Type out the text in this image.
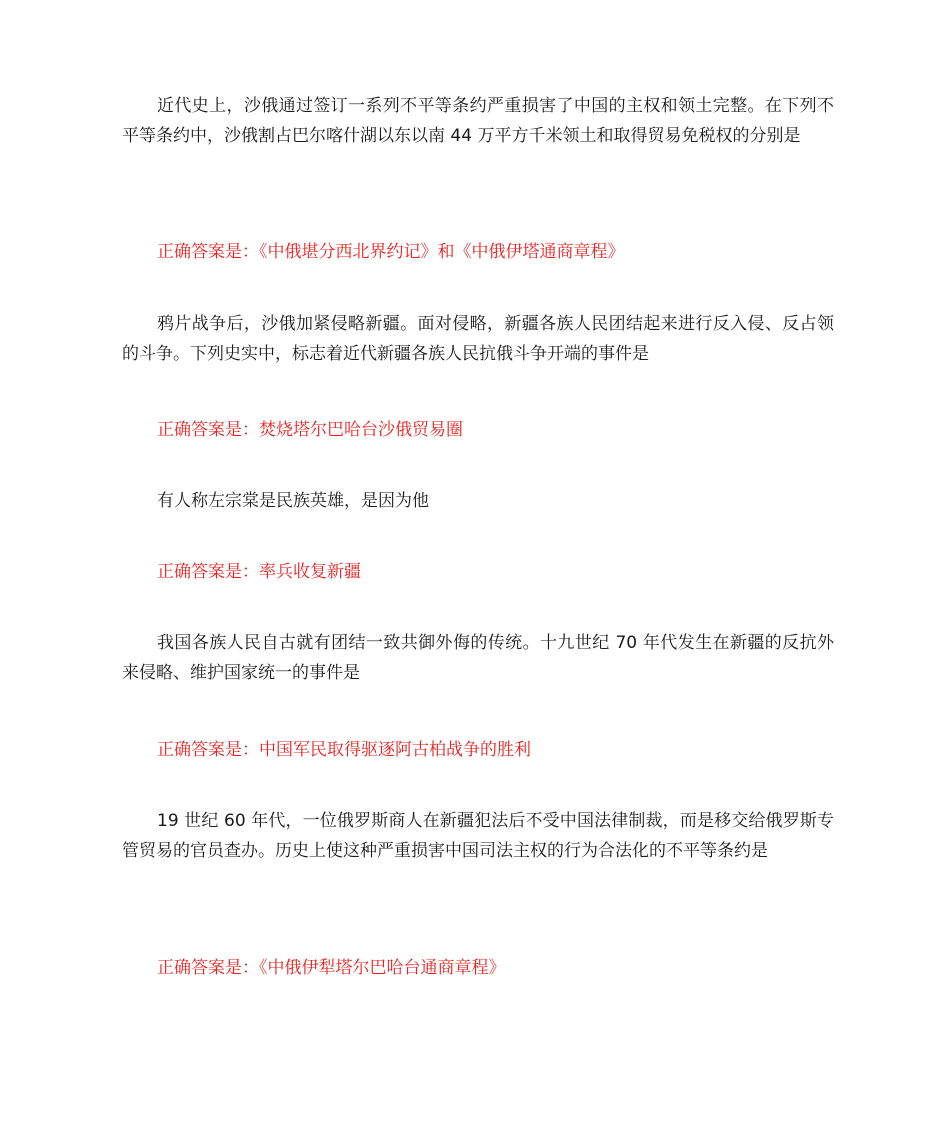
近代史上，沙俄通过签订一系列不平等条约严重损害了中国的主权和领土完整。在下列不平等条约中，沙俄割占巴尔喀什湖以东以南 44 万平方千米领土和取得贸易免税权的分别是
正确答案是：《中俄堪分西北界约记》和《中俄伊塔通商章程》
鸦片战争后，沙俄加紧侵略新疆。面对侵略，新疆各族人民团结起来进行反入侵、反占领的斗争。下列史实中，标志着近代新疆各族人民抗俄斗争开端的事件是
正确答案是：焚烧塔尔巴哈台沙俄贸易圈
有人称左宗棠是民族英雄，是因为他
正确答案是：率兵收复新疆
我国各族人民自古就有团结一致共御外侮的传统。十九世纪 70 年代发生在新疆的反抗外来侵略、维护国家统一的事件是
正确答案是：中国军民取得驱逐阿古柏战争的胜利
19 世纪 60 年代，一位俄罗斯商人在新疆犯法后不受中国法律制裁，而是移交给俄罗斯专管贸易的官员查办。历史上使这种严重损害中国司法主权的行为合法化的不平等条约是
正确答案是：《中俄伊犁塔尔巴哈台通商章程》
